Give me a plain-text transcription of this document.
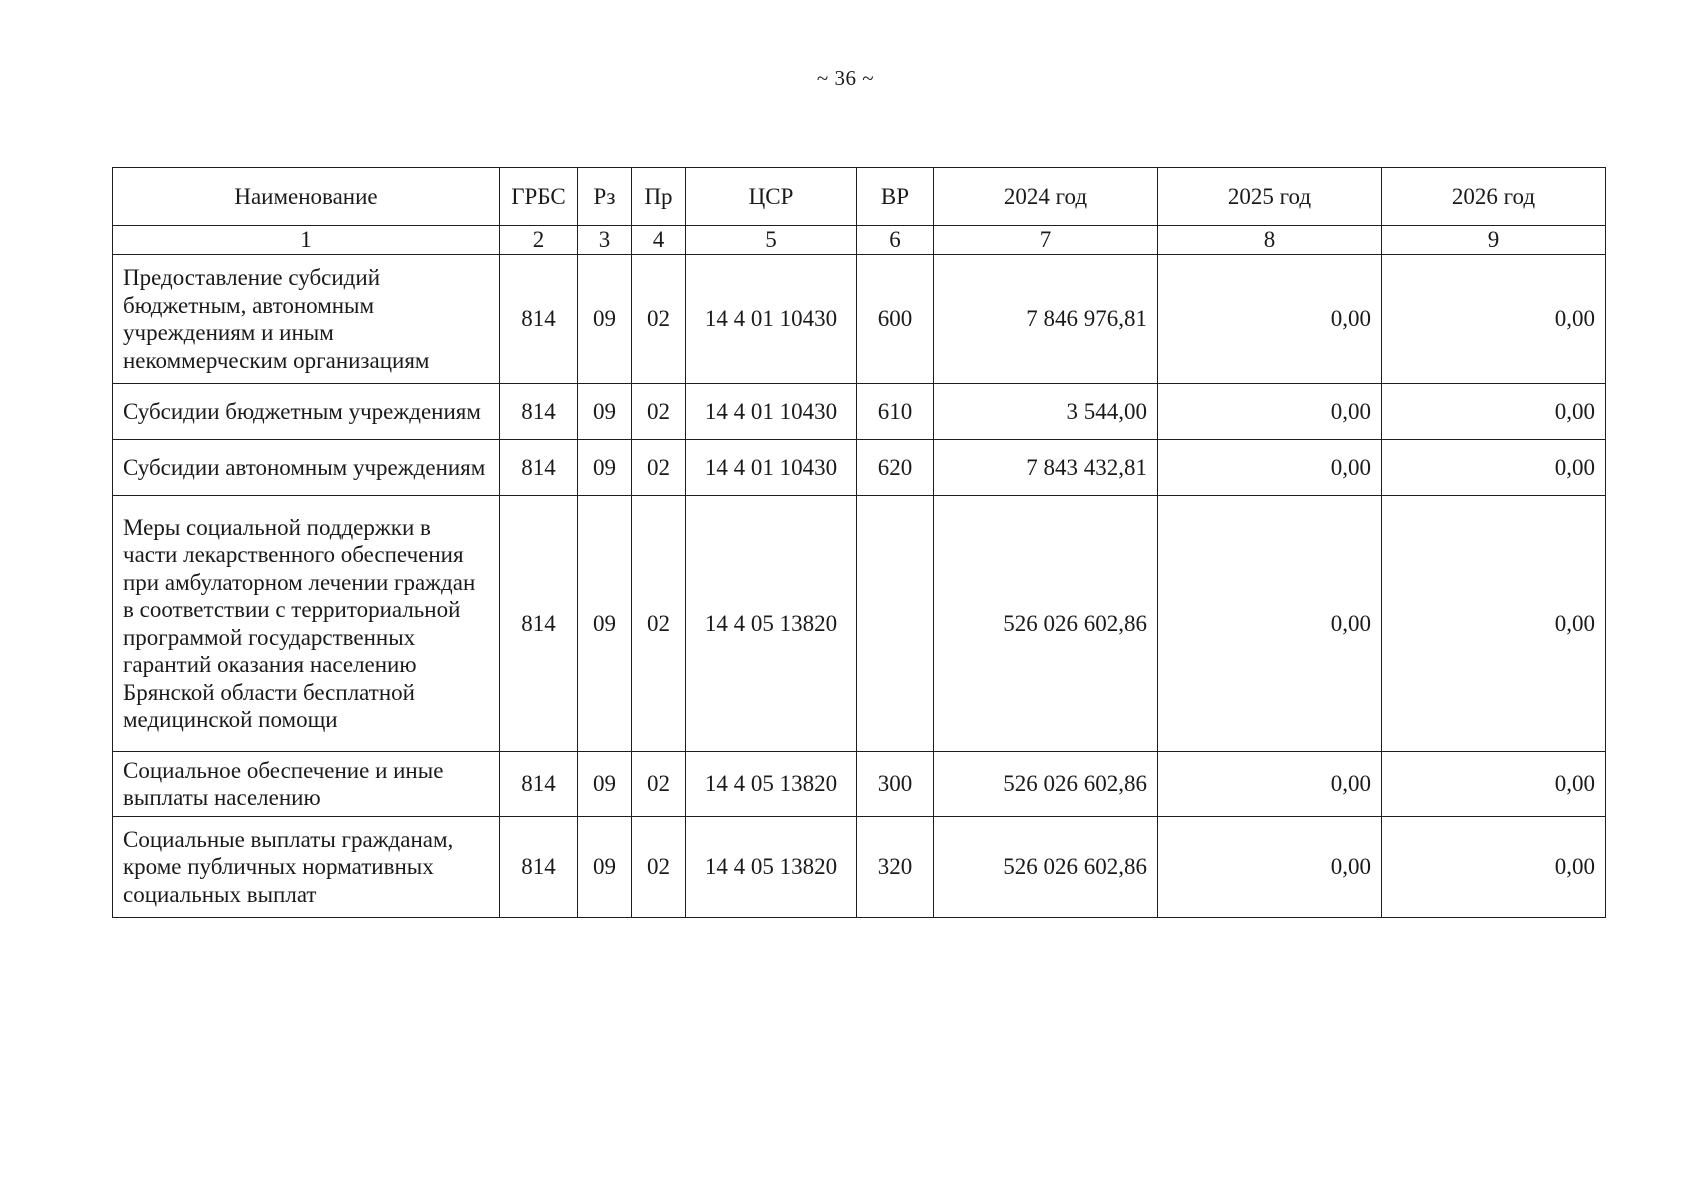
~ 36 ~
Наименование	ГРБС	Рз	Пр	ЦСР	ВР	2024 год	2025 год	2026 год
1	2	3	4	5	6	7	8	9
Предоставление субсидий бюджетным, автономным учреждениям и иным некоммерческим организациям	814	09	02	14 4 01 10430	600	7 846 976,81	0,00	0,00
Субсидии бюджетным учреждениям	814	09	02	14 4 01 10430	610	3 544,00	0,00	0,00
Субсидии автономным учреждениям	814	09	02	14 4 01 10430	620	7 843 432,81	0,00	0,00
Меры социальной поддержки в части лекарственного обеспечения при амбулаторном лечении граждан в соответствии с территориальной программой государственных гарантий оказания населению Брянской области бесплатной медицинской помощи	814	09	02	14 4 05 13820		526 026 602,86	0,00	0,00
Социальное обеспечение и иные выплаты населению	814	09	02	14 4 05 13820	300	526 026 602,86	0,00	0,00
Социальные выплаты гражданам, кроме публичных нормативных социальных выплат	814	09	02	14 4 05 13820	320	526 026 602,86	0,00	0,00
